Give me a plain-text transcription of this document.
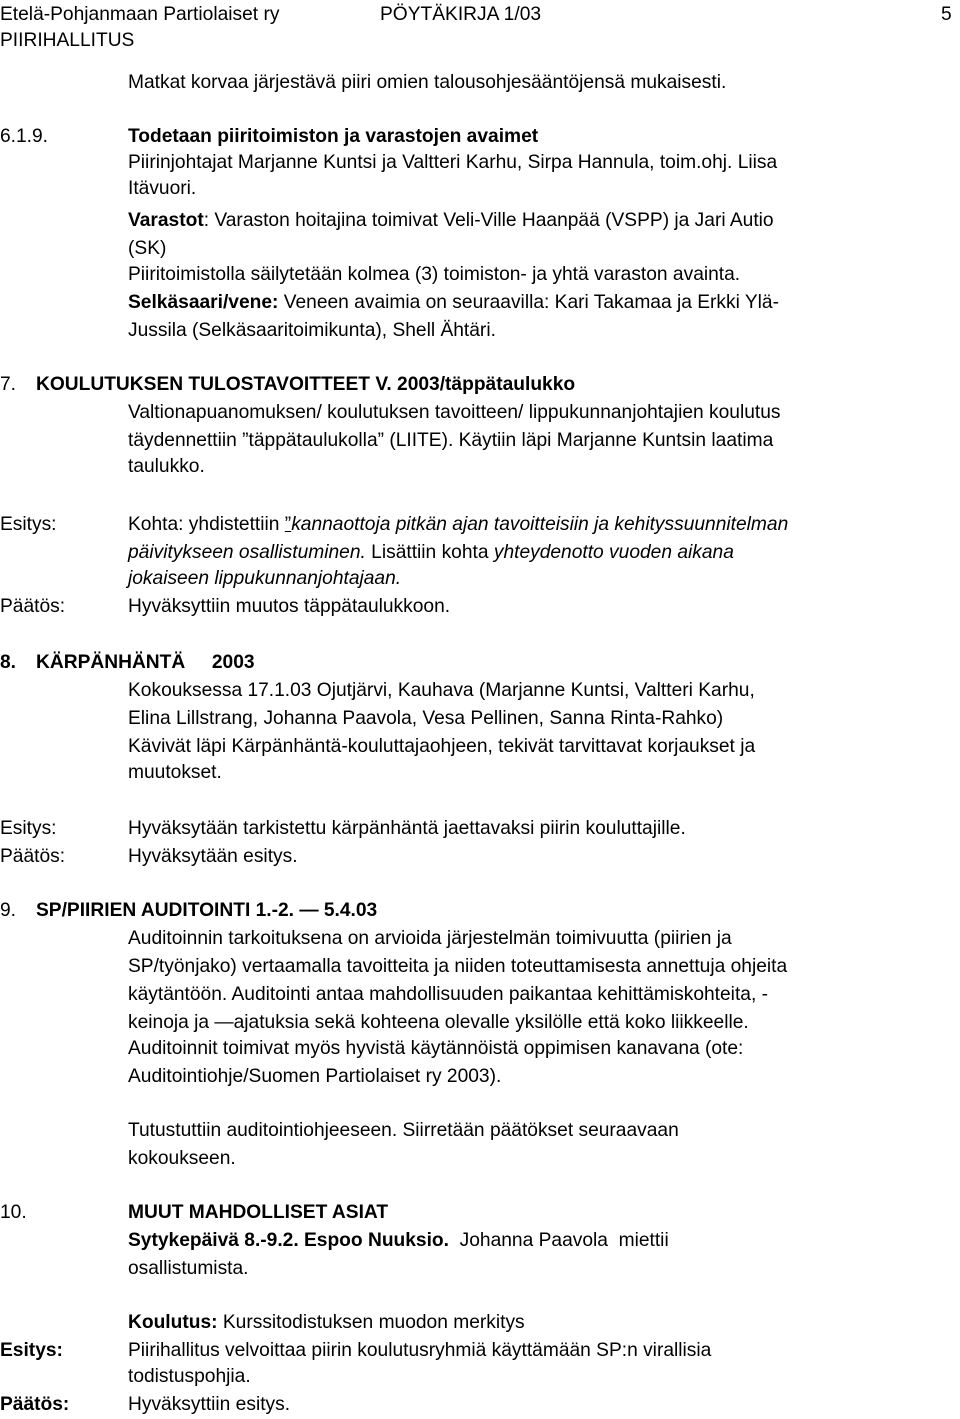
Etelä-Pohjanmaan Partiolaiset ry	PÖYTÄKIRJA 1/03	5
PIIRIHALLITUS
Matkat korvaa järjestävä piiri omien talousohjesääntöjensä mukaisesti.
6.1.9.	Todetaan piiritoimiston ja varastojen avaimet
Piirinjohtajat Marjanne Kuntsi ja Valtteri Karhu, Sirpa Hannula, toim.ohj. Liisa
Itävuori.
Varastot: Varaston hoitajina toimivat Veli-Ville Haanpää (VSPP) ja Jari Autio
(SK)
Piiritoimistolla säilytetään kolmea (3) toimiston- ja yhtä varaston avainta.
Selkäsaari/vene: Veneen avaimia on seuraavilla: Kari Takamaa ja Erkki Ylä-
Jussila (Selkäsaaritoimikunta), Shell Ähtäri.
7. KOULUTUKSEN TULOSTAVOITTEET V. 2003/täppätaulukko
Valtionapuanomuksen/ koulutuksen tavoitteen/ lippukunnanjohtajien koulutus
täydennettiin ”täppätaulukolla” (LIITE). Käytiin läpi Marjanne Kuntsin laatima
taulukko.
Esitys:	Kohta: yhdistettiin ”kannaottoja pitkän ajan tavoitteisiin ja kehityssuunnitelman
päivitykseen osallistuminen. Lisättiin kohta yhteydenotto vuoden aikana
jokaiseen lippukunnanjohtajaan.
Päätös:	Hyväksyttiin muutos täppätaulukkoon.
8. KÄRPÄNHÄNTÄ     2003
Kokouksessa 17.1.03 Ojutjärvi, Kauhava (Marjanne Kuntsi, Valtteri Karhu,
Elina Lillstrang, Johanna Paavola, Vesa Pellinen, Sanna Rinta-Rahko)
Kävivät läpi Kärpänhäntä-kouluttajaohjeen, tekivät tarvittavat korjaukset ja
muutokset.
Esitys:	Hyväksytään tarkistettu kärpänhäntä jaettavaksi piirin kouluttajille.
Päätös:	Hyväksytään esitys.
9. SP/PIIRIEN AUDITOINTI 1.-2. — 5.4.03
Auditoinnin tarkoituksena on arvioida järjestelmän toimivuutta (piirien ja
SP/työnjako) vertaamalla tavoitteita ja niiden toteuttamisesta annettuja ohjeita
käytäntöön. Auditointi antaa mahdollisuuden paikantaa kehittämiskohteita, -
keinoja ja —ajatuksia sekä kohteena olevalle yksilölle että koko liikkeelle.
Auditoinnit toimivat myös hyvistä käytännöistä oppimisen kanavana (ote:
Auditointiohje/Suomen Partiolaiset ry 2003).
Tutustuttiin auditointiohjeeseen. Siirretään päätökset seuraavaan
kokoukseen.
10.	MUUT MAHDOLLISET ASIAT
Sytykepäivä 8.-9.2. Espoo Nuuksio.  Johanna Paavola  miettii
osallistumista.
Koulutus: Kurssitodistuksen muodon merkitys
Esitys:	Piirihallitus velvoittaa piirin koulutusryhmiä käyttämään SP:n virallisia
todistuspohjia.
Päätös:	Hyväksyttiin esitys.
